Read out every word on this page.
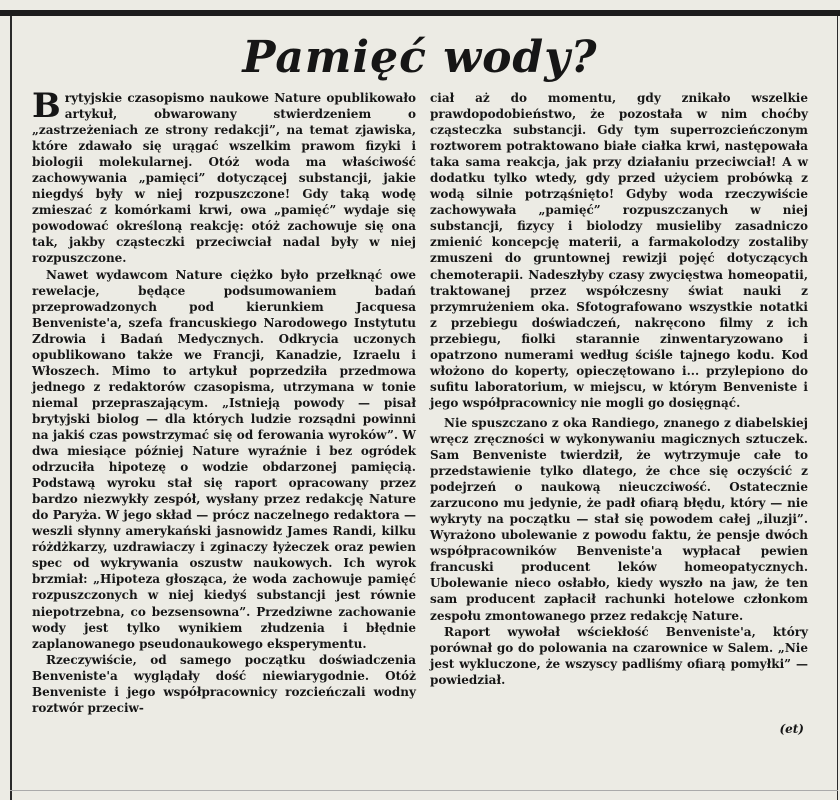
Pamięć wody?

Brytyjskie czasopismo naukowe Nature opublikowało artykuł, obwarowany stwierdzeniem o „zastrzeżeniach ze strony redakcji”, na temat zjawiska, które zdawało się urągać wszelkim prawom fizyki i biologii molekularnej. Otóż woda ma właściwość zachowywania „pamięci” dotyczącej substancji, jakie niegdyś były w niej rozpuszczone! Gdy taką wodę zmieszać z komórkami krwi, owa „pamięć” wydaje się powodować określoną reakcję: otóż zachowuje się ona tak, jakby cząsteczki przeciwciał nadal były w niej rozpuszczone.

Nawet wydawcom Nature ciężko było przełknąć owe rewelacje, będące podsumowaniem badań przeprowadzonych pod kierunkiem Jacquesa Benveniste'a, szefa francuskiego Narodowego Instytutu Zdrowia i Badań Medycznych. Odkrycia uczonych opublikowano także we Francji, Kanadzie, Izraelu i Włoszech. Mimo to artykuł poprzedziła przedmowa jednego z redaktorów czasopisma, utrzymana w tonie niemal przepraszającym. „Istnieją powody — pisał brytyjski biolog — dla których ludzie rozsądni powinni na jakiś czas powstrzymać się od ferowania wyroków”. W dwa miesiące później Nature wyraźnie i bez ogródek odrzuciła hipotezę o wodzie obdarzonej pamięcią. Podstawą wyroku stał się raport opracowany przez bardzo niezwykły zespół, wysłany przez redakcję Nature do Paryża. W jego skład — prócz naczelnego redaktora — weszli słynny amerykański jasnowidz James Randi, kilku różdżkarzy, uzdrawiaczy i zginaczy łyżeczek oraz pewien spec od wykrywania oszustw naukowych. Ich wyrok brzmiał: „Hipoteza głosząca, że woda zachowuje pamięć rozpuszczonych w niej kiedyś substancji jest równie niepotrzebna, co bezsensowna”. Przedziwne zachowanie wody jest tylko wynikiem złudzenia i błędnie zaplanowanego pseudonaukowego eksperymentu.

Rzeczywiście, od samego początku doświadczenia Benveniste'a wyglądały dość niewiarygodnie. Otóż Benveniste i jego współpracownicy rozcieńczali wodny roztwór przeciw-

ciał aż do momentu, gdy znikało wszelkie prawdopodobieństwo, że pozostała w nim choćby cząsteczka substancji. Gdy tym superrozcieńczonym roztworem potraktowano białe ciałka krwi, następowała taka sama reakcja, jak przy działaniu przeciwciał! A w dodatku tylko wtedy, gdy przed użyciem probówką z wodą silnie potrząśnięto! Gdyby woda rzeczywiście zachowywała „pamięć” rozpuszczanych w niej substancji, fizycy i biolodzy musieliby zasadniczo zmienić koncepcję materii, a farmakolodzy zostaliby zmuszeni do gruntownej rewizji pojęć dotyczących chemoterapii. Nadeszłyby czasy zwycięstwa homeopatii, traktowanej przez współczesny świat nauki z przymrużeniem oka. Sfotografowano wszystkie notatki z przebiegu doświadczeń, nakręcono filmy z ich przebiegu, fiolki starannie zinwentaryzowano i opatrzono numerami według ściśle tajnego kodu. Kod włożono do koperty, opieczętowano i... przylepiono do sufitu laboratorium, w miejscu, w którym Benveniste i jego współpracownicy nie mogli go dosięgnąć.

Nie spuszczano z oka Randiego, znanego z diabelskiej wręcz zręczności w wykonywaniu magicznych sztuczek. Sam Benveniste twierdził, że wytrzymuje całe to przedstawienie tylko dlatego, że chce się oczyścić z podejrzeń o naukową nieuczciwość. Ostatecznie zarzucono mu jedynie, że padł ofiarą błędu, który — nie wykryty na początku — stał się powodem całej „iluzji”. Wyrażono ubolewanie z powodu faktu, że pensje dwóch współpracowników Benveniste'a wypłacał pewien francuski producent leków homeopatycznych. Ubolewanie nieco osłabło, kiedy wyszło na jaw, że ten sam producent zapłacił rachunki hotelowe członkom zespołu zmontowanego przez redakcję Nature.

Raport wywołał wściekłość Benveniste'a, który porównał go do polowania na czarownice w Salem. „Nie jest wykluczone, że wszyscy padliśmy ofiarą pomyłki” — powiedział.

(et)
